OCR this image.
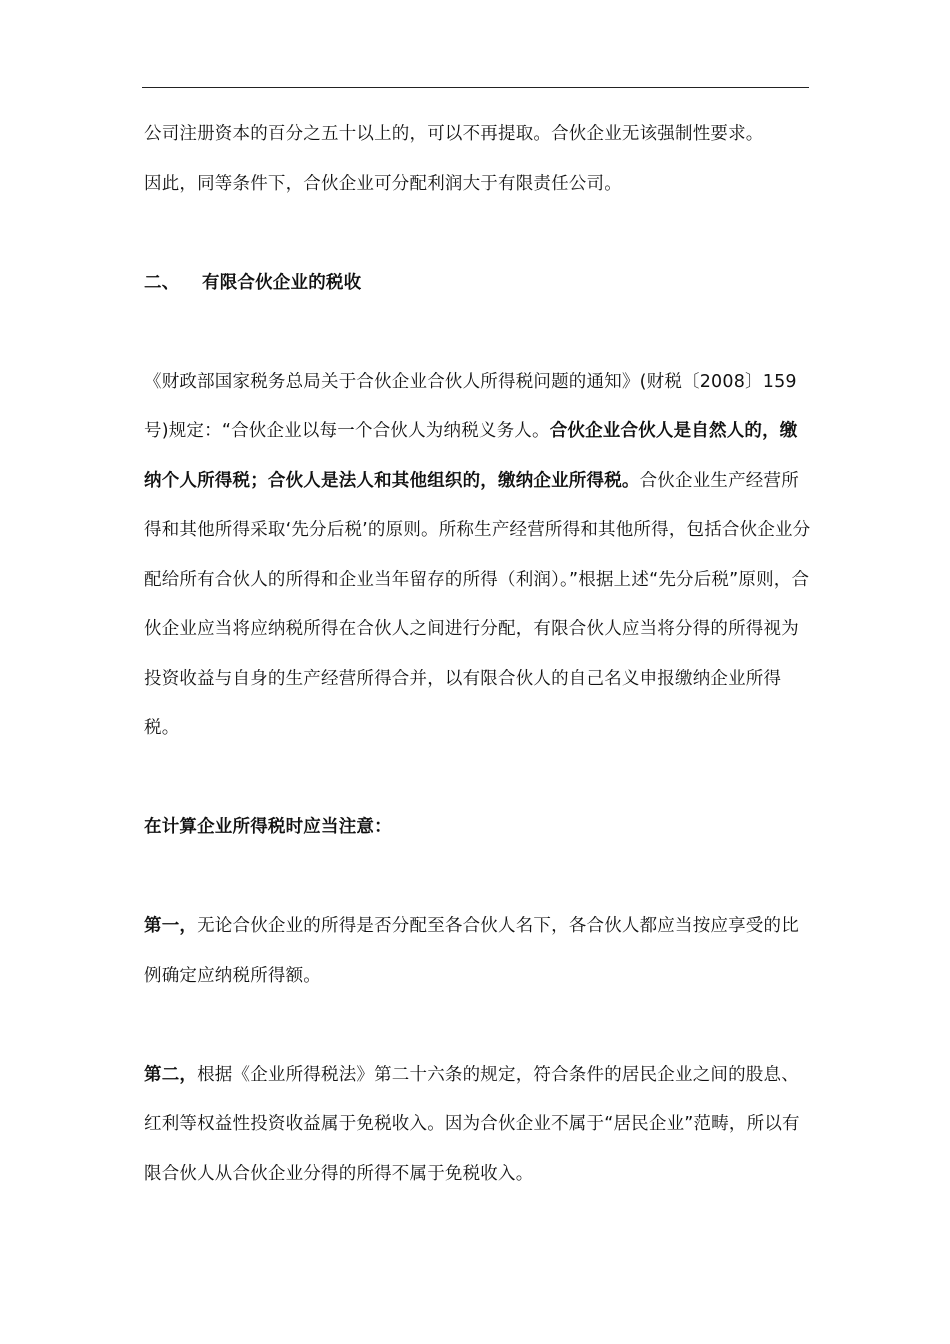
公司注册资本的百分之五十以上的，可以不再提取。合伙企业无该强制性要求。
因此，同等条件下，合伙企业可分配利润大于有限责任公司。

二、 有限合伙企业的税收

《财政部国家税务总局关于合伙企业合伙人所得税问题的通知》(财税〔2008〕159 号)规定：“合伙企业以每一个合伙人为纳税义务人。合伙企业合伙人是自然人的，缴纳个人所得税；合伙人是法人和其他组织的，缴纳企业所得税。合伙企业生产经营所得和其他所得采取‘先分后税’的原则。所称生产经营所得和其他所得，包括合伙企业分配给所有合伙人的所得和企业当年留存的所得（利润）。”根据上述“先分后税”原则，合伙企业应当将应纳税所得在合伙人之间进行分配，有限合伙人应当将分得的所得视为投资收益与自身的生产经营所得合并，以有限合伙人的自己名义申报缴纳企业所得税。

在计算企业所得税时应当注意：

第一，无论合伙企业的所得是否分配至各合伙人名下，各合伙人都应当按应享受的比例确定应纳税所得额。

第二，根据《企业所得税法》第二十六条的规定，符合条件的居民企业之间的股息、红利等权益性投资收益属于免税收入。因为合伙企业不属于“居民企业”范畴，所以有限合伙人从合伙企业分得的所得不属于免税收入。
